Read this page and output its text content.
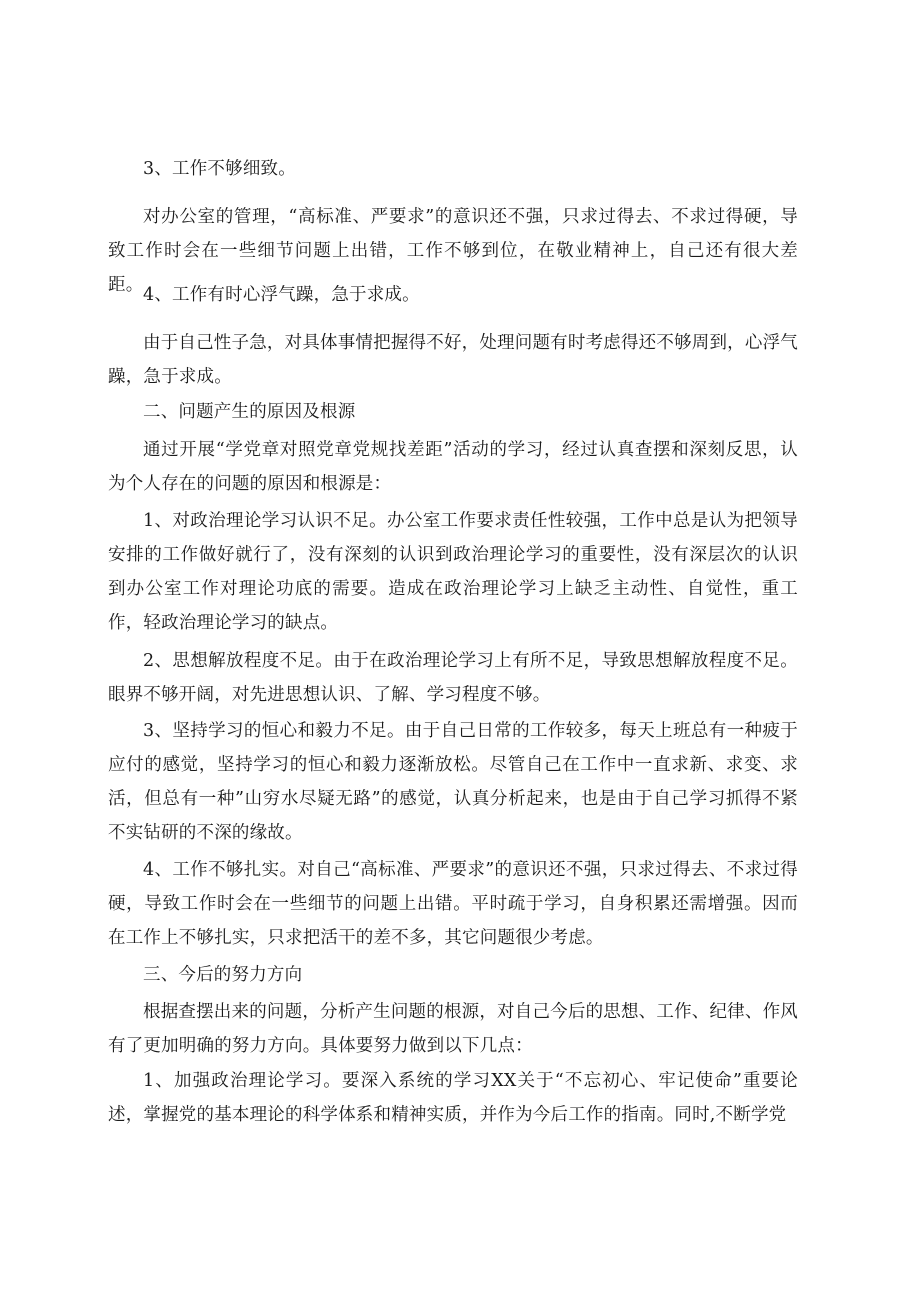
3、工作不够细致。

对办公室的管理，“高标准、严要求”的意识还不强，只求过得去、不求过得硬，导致工作时会在一些细节问题上出错，工作不够到位，在敬业精神上，自己还有很大差距。 4、工作有时心浮气躁，急于求成。

由于自己性子急，对具体事情把握得不好，处理问题有时考虑得还不够周到，心浮气躁，急于求成。

二、问题产生的原因及根源

通过开展“学党章对照党章党规找差距”活动的学习，经过认真查摆和深刻反思，认为个人存在的问题的原因和根源是：

1、对政治理论学习认识不足。办公室工作要求责任性较强，工作中总是认为把领导安排的工作做好就行了，没有深刻的认识到政治理论学习的重要性，没有深层次的认识到办公室工作对理论功底的需要。造成在政治理论学习上缺乏主动性、自觉性，重工作，轻政治理论学习的缺点。

2、思想解放程度不足。由于在政治理论学习上有所不足，导致思想解放程度不足。眼界不够开阔，对先进思想认识、了解、学习程度不够。

3、坚持学习的恒心和毅力不足。由于自己日常的工作较多，每天上班总有一种疲于应付的感觉，坚持学习的恒心和毅力逐渐放松。尽管自己在工作中一直求新、求变、求活，但总有一种”山穷水尽疑无路”的感觉，认真分析起来，也是由于自己学习抓得不紧不实钻研的不深的缘故。

4、工作不够扎实。对自己“高标准、严要求”的意识还不强，只求过得去、不求过得硬，导致工作时会在一些细节的问题上出错。平时疏于学习，自身积累还需增强。因而在工作上不够扎实，只求把活干的差不多，其它问题很少考虑。

三、今后的努力方向

根据查摆出来的问题，分析产生问题的根源，对自己今后的思想、工作、纪律、作风有了更加明确的努力方向。具体要努力做到以下几点：

1、加强政治理论学习。要深入系统的学习XX关于“不忘初心、牢记使命”重要论述，掌握党的基本理论的科学体系和精神实质，并作为今后工作的指南。同时,不断学党
